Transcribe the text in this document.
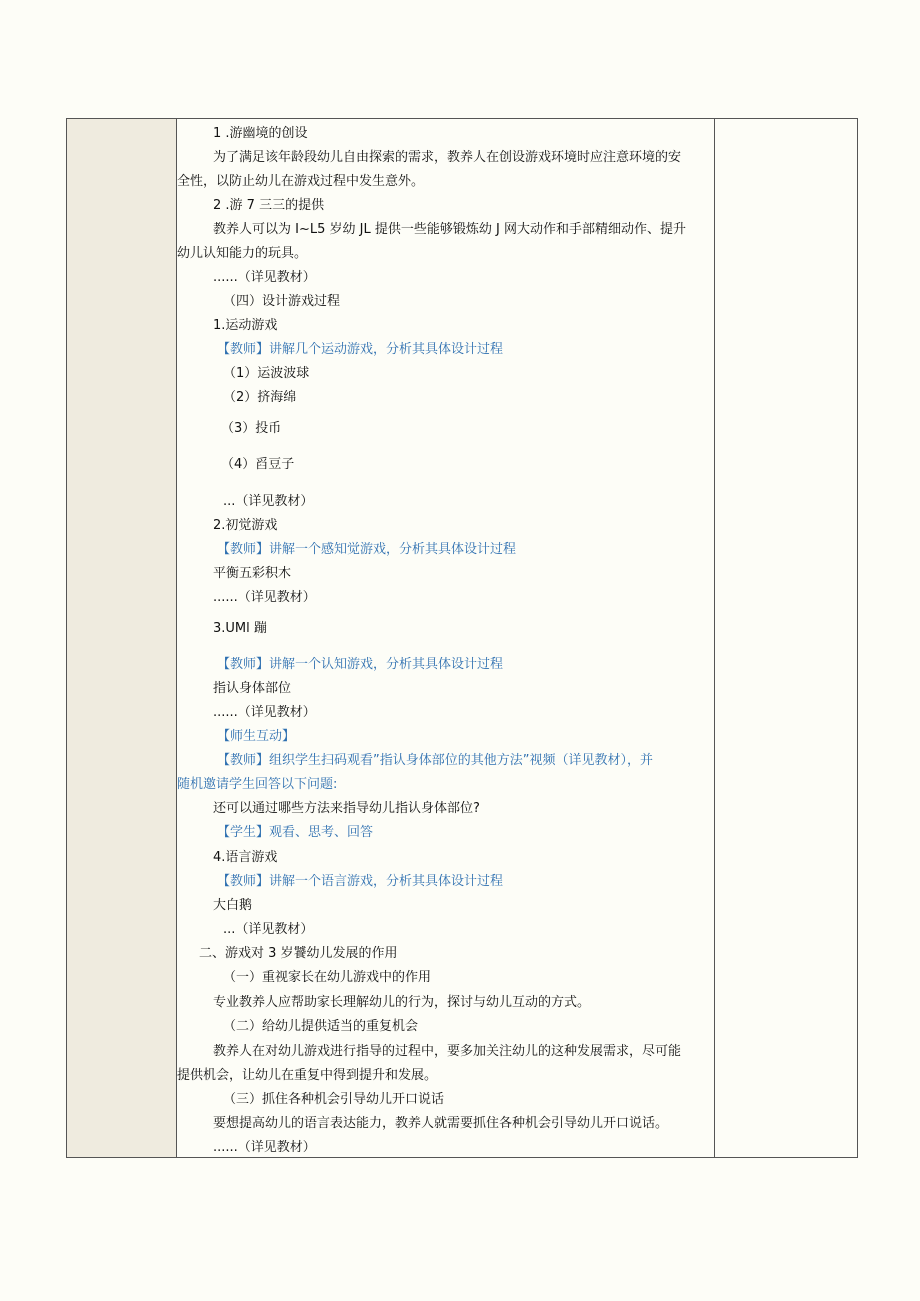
1 .游幽境的创设
为了满足该年龄段幼儿自由探索的需求，教养人在创设游戏环境时应注意环境的安
全性，以防止幼儿在游戏过程中发生意外。
2 .游 7 三三的提供
教养人可以为 I~L5 岁幼 JL 提供一些能够锻炼幼 J 网大动作和手部精细动作、提升
幼儿认知能力的玩具。
......（详见教材）
（四）设计游戏过程
1.运动游戏
【教师】讲解几个运动游戏，分析其具体设计过程
（1）运波波球
（2）挤海绵
（3）投币
（4）舀豆子
...（详见教材）
2.初觉游戏
【教师】讲解一个感知觉游戏，分析其具体设计过程
平衡五彩积木
......（详见教材）
3.UMl 蹦
【教师】讲解一个认知游戏，分析其具体设计过程
指认身体部位
......（详见教材）
【师生互动】
【教师】组织学生扫码观看”指认身体部位的其他方法”视频（详见教材），并
随机邀请学生回答以下问题:
还可以通过哪些方法来指导幼儿指认身体部位?
【学生】观看、思考、回答
4.语言游戏
【教师】讲解一个语言游戏，分析其具体设计过程
大白鹅
...（详见教材）
二、游戏对 3 岁饕幼儿发展的作用
（一）重视家长在幼儿游戏中的作用
专业教养人应帮助家长理解幼儿的行为，探讨与幼儿互动的方式。
（二）给幼儿提供适当的重复机会
教养人在对幼儿游戏进行指导的过程中，要多加关注幼儿的这种发展需求，尽可能
提供机会，让幼儿在重复中得到提升和发展。
（三）抓住各种机会引导幼儿开口说话
要想提高幼儿的语言表达能力，教养人就需要抓住各种机会引导幼儿开口说话。
......（详见教材）
